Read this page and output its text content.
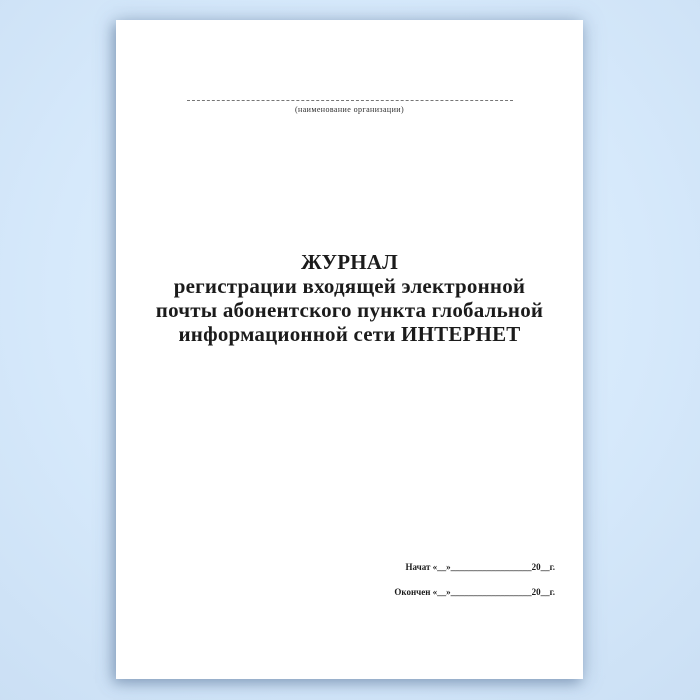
(наименование организации)
ЖУРНАЛ
регистрации входящей электронной
почты абонентского пункта глобальной
информационной сети ИНТЕРНЕТ
Начат «__»__________________20__г.
Окончен «__»__________________20__г.
